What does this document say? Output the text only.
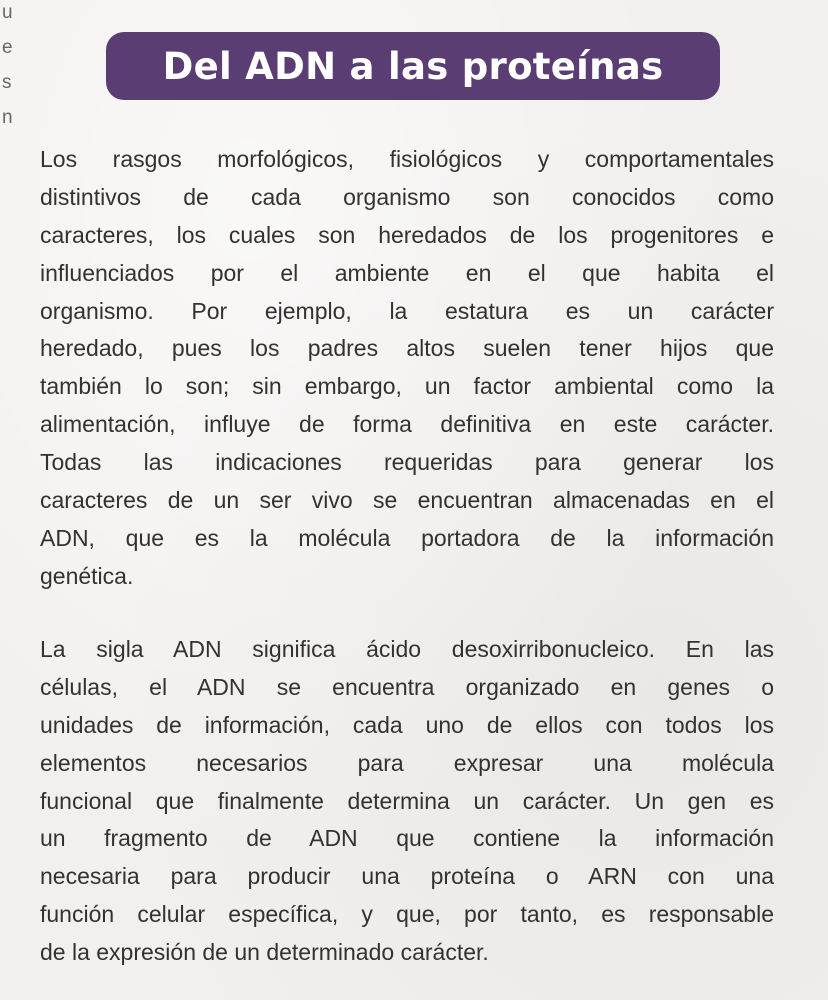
u
e
s
n
Del ADN a las proteínas
Los rasgos morfológicos, fisiológicos y comportamentales
distintivos de cada organismo son conocidos como
caracteres, los cuales son heredados de los progenitores e
influenciados por el ambiente en el que habita el
organismo. Por ejemplo, la estatura es un carácter
heredado, pues los padres altos suelen tener hijos que
también lo son; sin embargo, un factor ambiental como la
alimentación, influye de forma definitiva en este carácter.
Todas las indicaciones requeridas para generar los
caracteres de un ser vivo se encuentran almacenadas en el
ADN, que es la molécula portadora de la información
genética.
La sigla ADN significa ácido desoxirribonucleico. En las
células, el ADN se encuentra organizado en genes o
unidades de información, cada uno de ellos con todos los
elementos necesarios para expresar una molécula
funcional que finalmente determina un carácter. Un gen es
un fragmento de ADN que contiene la información
necesaria para producir una proteína o ARN con una
función celular específica, y que, por tanto, es responsable
de la expresión de un determinado carácter.
